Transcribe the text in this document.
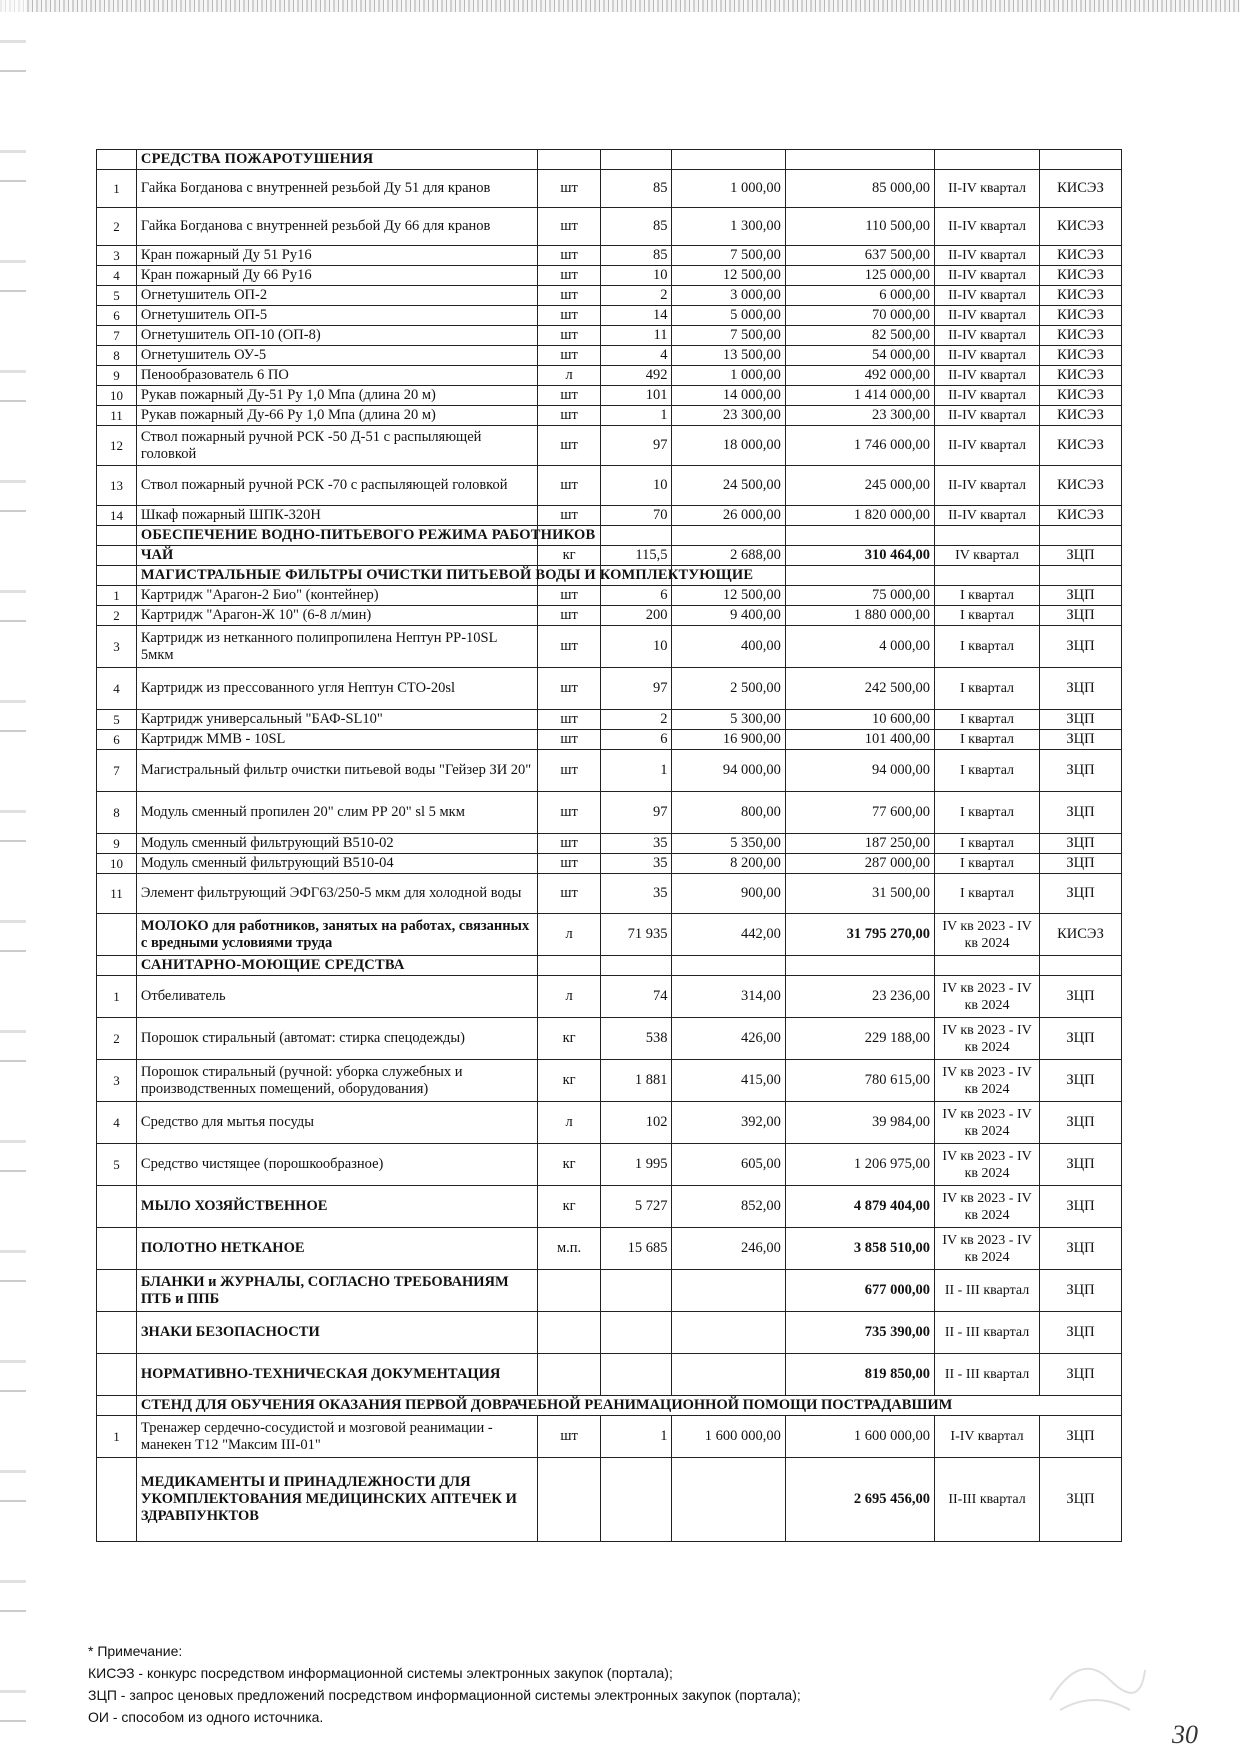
	СРЕДСТВА ПОЖАРОТУШЕНИЯ						
1	Гайка Богданова с внутренней резьбой Ду 51 для кранов	шт	85	1 000,00	85 000,00	II-IV квартал	КИСЭЗ
2	Гайка Богданова с внутренней резьбой Ду 66 для кранов	шт	85	1 300,00	110 500,00	II-IV квартал	КИСЭЗ
3	Кран пожарный Ду 51 Ру16	шт	85	7 500,00	637 500,00	II-IV квартал	КИСЭЗ
4	Кран пожарный Ду 66 Ру16	шт	10	12 500,00	125 000,00	II-IV квартал	КИСЭЗ
5	Огнетушитель ОП-2	шт	2	3 000,00	6 000,00	II-IV квартал	КИСЭЗ
6	Огнетушитель ОП-5	шт	14	5 000,00	70 000,00	II-IV квартал	КИСЭЗ
7	Огнетушитель ОП-10 (ОП-8)	шт	11	7 500,00	82 500,00	II-IV квартал	КИСЭЗ
8	Огнетушитель ОУ-5	шт	4	13 500,00	54 000,00	II-IV квартал	КИСЭЗ
9	Пенообразователь 6 ПО	л	492	1 000,00	492 000,00	II-IV квартал	КИСЭЗ
10	Рукав пожарный Ду-51 Ру 1,0 Мпа (длина 20 м)	шт	101	14 000,00	1 414 000,00	II-IV квартал	КИСЭЗ
11	Рукав пожарный Ду-66 Ру 1,0 Мпа (длина 20 м)	шт	1	23 300,00	23 300,00	II-IV квартал	КИСЭЗ
12	Ствол пожарный ручной РСК -50 Д-51 с распыляющей головкой	шт	97	18 000,00	1 746 000,00	II-IV квартал	КИСЭЗ
13	Ствол пожарный ручной РСК -70 с распыляющей головкой	шт	10	24 500,00	245 000,00	II-IV квартал	КИСЭЗ
14	Шкаф пожарный ШПК-320Н	шт	70	26 000,00	1 820 000,00	II-IV квартал	КИСЭЗ
	ОБЕСПЕЧЕНИЕ ВОДНО-ПИТЬЕВОГО РЕЖИМА РАБОТНИКОВ						
	ЧАЙ	кг	115,5	2 688,00	310 464,00	IV квартал	ЗЦП
	МАГИСТРАЛЬНЫЕ ФИЛЬТРЫ ОЧИСТКИ ПИТЬЕВОЙ ВОДЫ И КОМПЛЕКТУЮЩИЕ						
1	Картридж "Арагон-2 Био" (контейнер)	шт	6	12 500,00	75 000,00	I квартал	ЗЦП
2	Картридж "Арагон-Ж 10" (6-8 л/мин)	шт	200	9 400,00	1 880 000,00	I квартал	ЗЦП
3	Картридж из нетканного полипропилена Нептун PP-10SL 5мкм	шт	10	400,00	4 000,00	I квартал	ЗЦП
4	Картридж из прессованного угля Нептун СТО-20sl	шт	97	2 500,00	242 500,00	I квартал	ЗЦП
5	Картридж универсальный "БАФ-SL10"	шт	2	5 300,00	10 600,00	I квартал	ЗЦП
6	Картридж ММВ - 10SL	шт	6	16 900,00	101 400,00	I квартал	ЗЦП
7	Магистральный фильтр очистки питьевой воды "Гейзер ЗИ 20"	шт	1	94 000,00	94 000,00	I квартал	ЗЦП
8	Модуль сменный пропилен 20" слим РР 20" sl 5 мкм	шт	97	800,00	77 600,00	I квартал	ЗЦП
9	Модуль сменный фильтрующий В510-02	шт	35	5 350,00	187 250,00	I квартал	ЗЦП
10	Модуль сменный фильтрующий В510-04	шт	35	8 200,00	287 000,00	I квартал	ЗЦП
11	Элемент фильтрующий ЭФГ63/250-5 мкм для холодной воды	шт	35	900,00	31 500,00	I квартал	ЗЦП
	МОЛОКО для работников, занятых на работах, связанных с вредными условиями труда	л	71 935	442,00	31 795 270,00	IV кв 2023 - IV кв 2024	КИСЭЗ
	САНИТАРНО-МОЮЩИЕ СРЕДСТВА						
1	Отбеливатель	л	74	314,00	23 236,00	IV кв 2023 - IV кв 2024	ЗЦП
2	Порошок стиральный (автомат: стирка спецодежды)	кг	538	426,00	229 188,00	IV кв 2023 - IV кв 2024	ЗЦП
3	Порошок стиральный (ручной: уборка служебных и производственных помещений, оборудования)	кг	1 881	415,00	780 615,00	IV кв 2023 - IV кв 2024	ЗЦП
4	Средство для мытья посуды	л	102	392,00	39 984,00	IV кв 2023 - IV кв 2024	ЗЦП
5	Средство чистящее (порошкообразное)	кг	1 995	605,00	1 206 975,00	IV кв 2023 - IV кв 2024	ЗЦП
	МЫЛО ХОЗЯЙСТВЕННОЕ	кг	5 727	852,00	4 879 404,00	IV кв 2023 - IV кв 2024	ЗЦП
	ПОЛОТНО НЕТКАНОЕ	м.п.	15 685	246,00	3 858 510,00	IV кв 2023 - IV кв 2024	ЗЦП
	БЛАНКИ и ЖУРНАЛЫ, СОГЛАСНО ТРЕБОВАНИЯМ ПТБ и ППБ				677 000,00	II - III квартал	ЗЦП
	ЗНАКИ БЕЗОПАСНОСТИ				735 390,00	II - III квартал	ЗЦП
	НОРМАТИВНО-ТЕХНИЧЕСКАЯ ДОКУМЕНТАЦИЯ				819 850,00	II - III квартал	ЗЦП
	СТЕНД ДЛЯ ОБУЧЕНИЯ ОКАЗАНИЯ ПЕРВОЙ ДОВРАЧЕБНОЙ РЕАНИМАЦИОННОЙ ПОМОЩИ ПОСТРАДАВШИМ						
1	Тренажер сердечно-сосудистой и мозговой реанимации - манекен Т12 "Максим III-01"	шт	1	1 600 000,00	1 600 000,00	I-IV квартал	ЗЦП
	МЕДИКАМЕНТЫ И ПРИНАДЛЕЖНОСТИ ДЛЯ УКОМПЛЕКТОВАНИЯ МЕДИЦИНСКИХ АПТЕЧЕК И ЗДРАВПУНКТОВ				2 695 456,00	II-III квартал	ЗЦП
* Примечание:
КИСЭЗ - конкурс посредством информационной системы электронных закупок (портала);
ЗЦП - запрос ценовых предложений посредством информационной системы электронных закупок (портала);
ОИ - способом из одного источника.
30
